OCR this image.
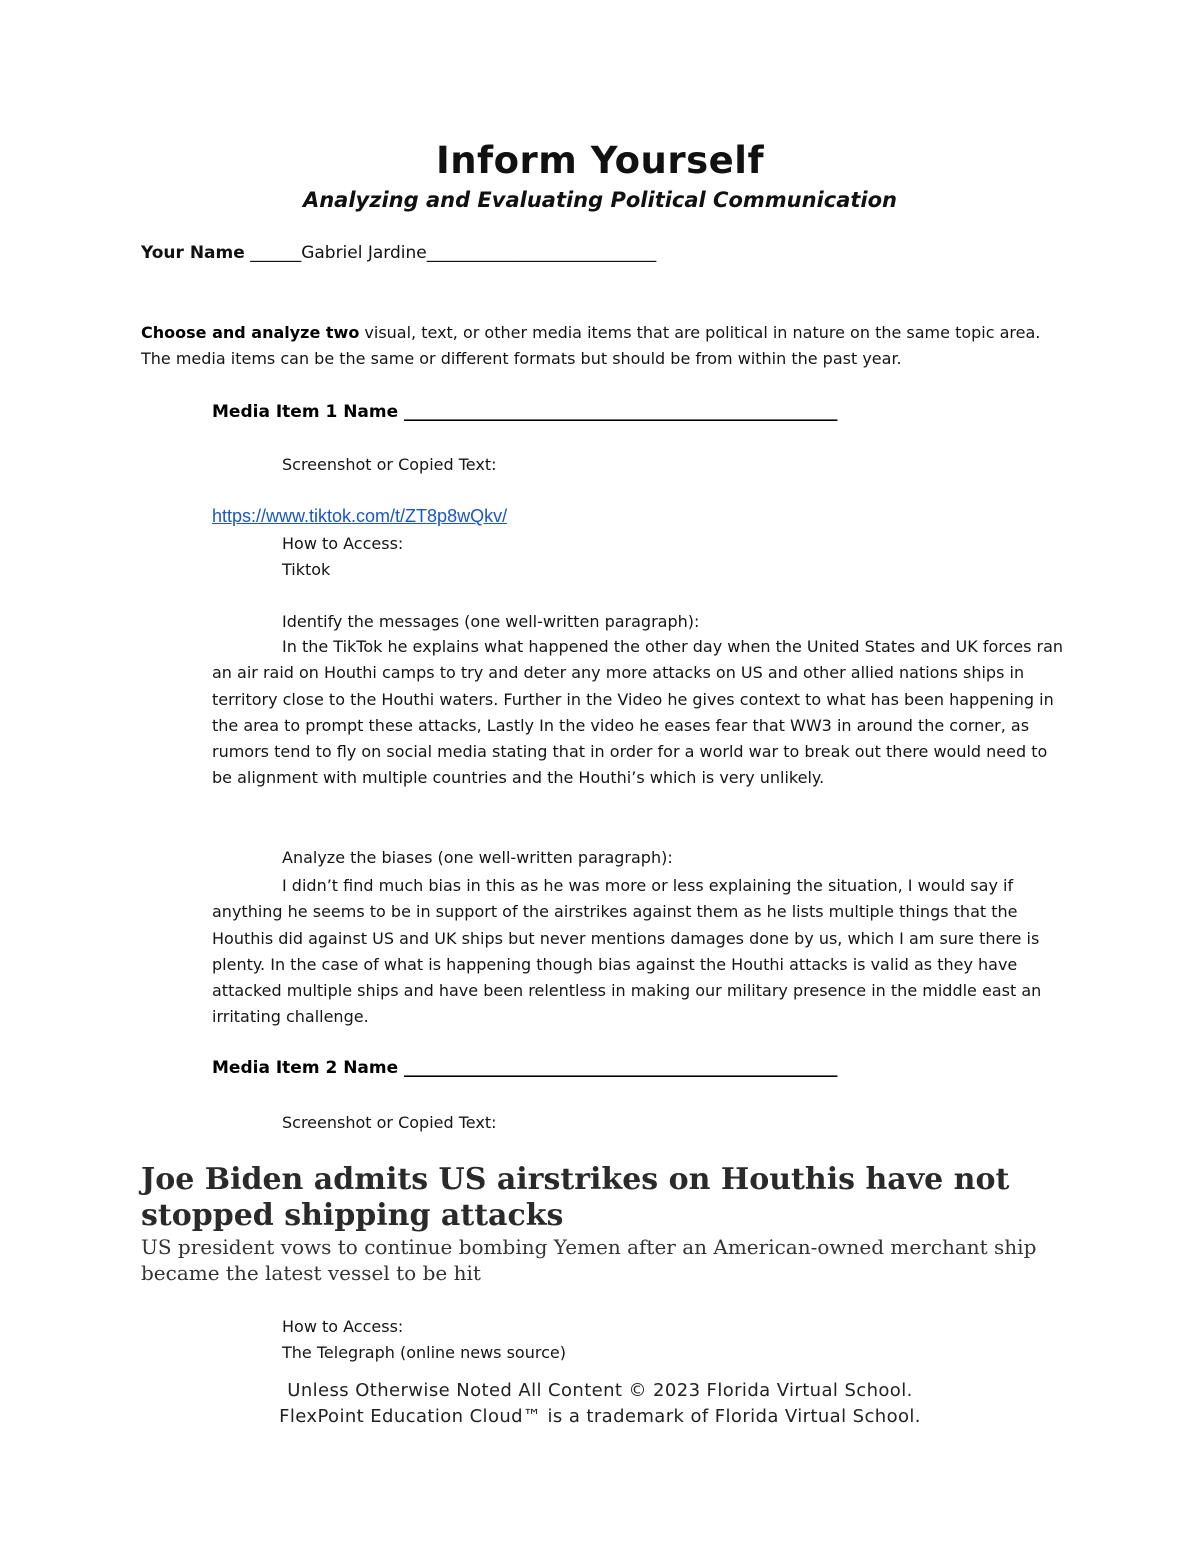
Inform Yourself
Analyzing and Evaluating Political Communication
Your Name ______Gabriel Jardine___________________________
Choose and analyze two visual, text, or other media items that are political in nature on the same topic area. The media items can be the same or different formats but should be from within the past year.
Media Item 1 Name ___________________________________________________
Screenshot or Copied Text:
https://www.tiktok.com/t/ZT8p8wQkv/
How to Access:
Tiktok
Identify the messages (one well-written paragraph):
In the TikTok he explains what happened the other day when the United States and UK forces ran an air raid on Houthi camps to try and deter any more attacks on US and other allied nations ships in territory close to the Houthi waters. Further in the Video he gives context to what has been happening in the area to prompt these attacks, Lastly In the video he eases fear that WW3 in around the corner, as rumors tend to fly on social media stating that in order for a world war to break out there would need to be alignment with multiple countries and the Houthi’s which is very unlikely.
Analyze the biases (one well-written paragraph):
I didn’t find much bias in this as he was more or less explaining the situation, I would say if anything he seems to be in support of the airstrikes against them as he lists multiple things that the Houthis did against US and UK ships but never mentions damages done by us, which I am sure there is plenty. In the case of what is happening though bias against the Houthi attacks is valid as they have attacked multiple ships and have been relentless in making our military presence in the middle east an irritating challenge.
Media Item 2 Name ___________________________________________________
Screenshot or Copied Text:
Joe Biden admits US airstrikes on Houthis have not stopped shipping attacks
US president vows to continue bombing Yemen after an American-owned merchant ship became the latest vessel to be hit
How to Access:
The Telegraph (online news source)
Unless Otherwise Noted All Content © 2023 Florida Virtual School.
FlexPoint Education Cloud™ is a trademark of Florida Virtual School.
